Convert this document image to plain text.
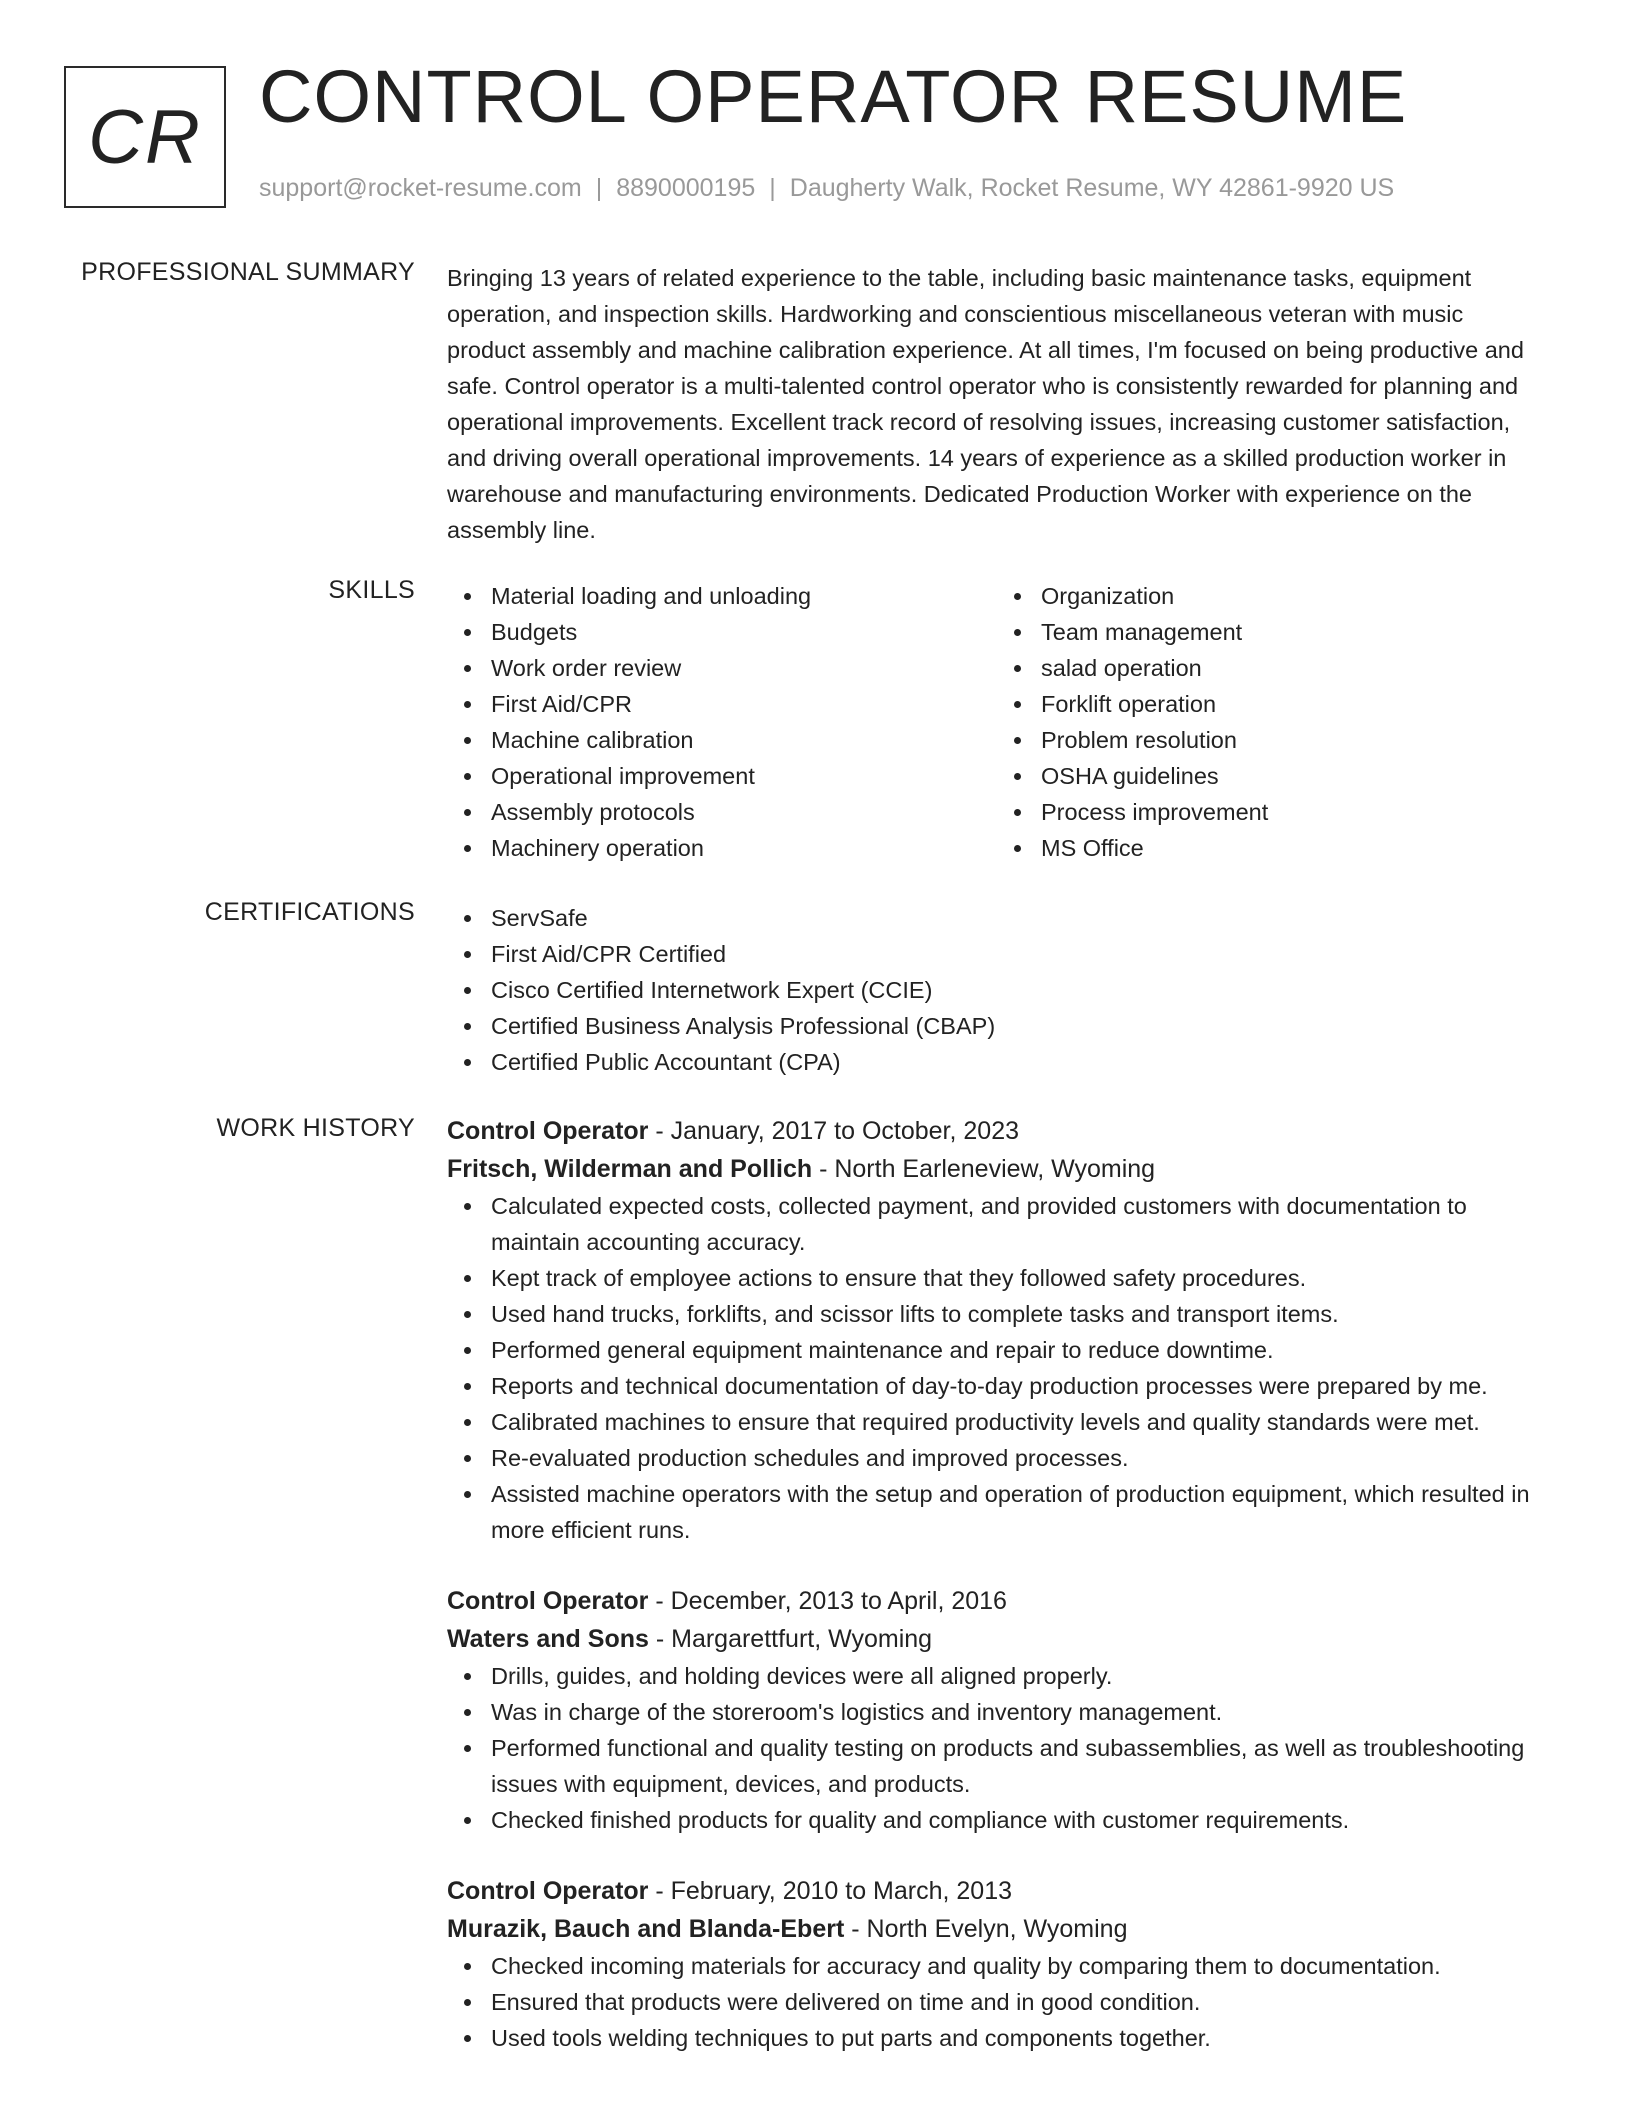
CR CONTROL OPERATOR RESUME
support@rocket-resume.com | 8890000195 | Daugherty Walk, Rocket Resume, WY 42861-9920 US
PROFESSIONAL SUMMARY Bringing 13 years of related experience to the table, including basic maintenance tasks, equipment operation, and inspection skills. Hardworking and conscientious miscellaneous veteran with music product assembly and machine calibration experience. At all times, I'm focused on being productive and safe. Control operator is a multi-talented control operator who is consistently rewarded for planning and operational improvements. Excellent track record of resolving issues, increasing customer satisfaction, and driving overall operational improvements. 14 years of experience as a skilled production worker in warehouse and manufacturing environments. Dedicated Production Worker with experience on the assembly line.

SKILLS	Material loading and unloading
Budgets
Work order review
First Aid/CPR
Machine calibration
Operational improvement
Assembly protocols
Machinery operation
Organization
Team management
salad operation
Forklift operation
Problem resolution
OSHA guidelines
Process improvement
MS Office
CERTIFICATIONS	ServSafe
First Aid/CPR Certified
Cisco Certified Internetwork Expert (CCIE)
Certified Business Analysis Professional (CBAP)
Certified Public Accountant (CPA)
WORK HISTORY Control Operator - January, 2017 to October, 2023
Fritsch, Wilderman and Pollich - North Earleneview, Wyoming
Calculated expected costs, collected payment, and provided customers with documentation to maintain accounting accuracy.
Kept track of employee actions to ensure that they followed safety procedures.
Used hand trucks, forklifts, and scissor lifts to complete tasks and transport items.
Performed general equipment maintenance and repair to reduce downtime.
Reports and technical documentation of day-to-day production processes were prepared by me.
Calibrated machines to ensure that required productivity levels and quality standards were met.
Re-evaluated production schedules and improved processes.
Assisted machine operators with the setup and operation of production equipment, which resulted in more efficient runs.
Control Operator - December, 2013 to April, 2016
Waters and Sons - Margarettfurt, Wyoming
Drills, guides, and holding devices were all aligned properly.
Was in charge of the storeroom's logistics and inventory management.
Performed functional and quality testing on products and subassemblies, as well as troubleshooting issues with equipment, devices, and products.
Checked finished products for quality and compliance with customer requirements.
Control Operator - February, 2010 to March, 2013
Murazik, Bauch and Blanda-Ebert - North Evelyn, Wyoming
Checked incoming materials for accuracy and quality by comparing them to documentation.
Ensured that products were delivered on time and in good condition.
Used tools welding techniques to put parts and components together.
